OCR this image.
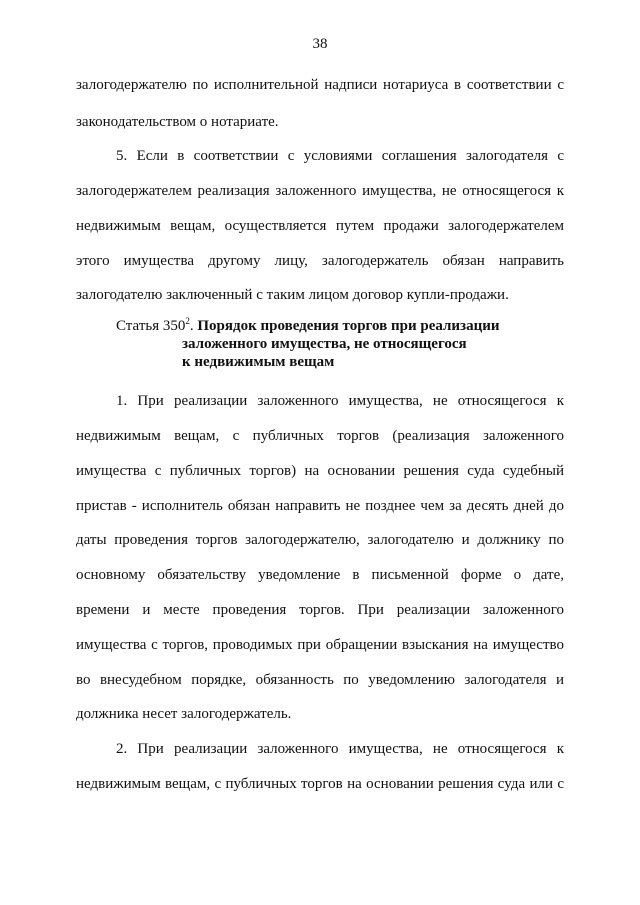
38
залогодержателю по исполнительной надписи нотариуса в соответствии с
законодательством о нотариате.
5. Если в соответствии с условиями соглашения залогодателя с
залогодержателем реализация заложенного имущества, не относящегося к
недвижимым вещам, осуществляется путем продажи залогодержателем
этого имущества другому лицу, залогодержатель обязан направить
залогодателю заключенный с таким лицом договор купли-продажи.
Статья $350^2$. Порядок проведения торгов при реализации
заложенного имущества, не относящегося
к недвижимым вещам
1. При реализации заложенного имущества, не относящегося к
недвижимым вещам, с публичных торгов (реализация заложенного
имущества с публичных торгов) на основании решения суда судебный
пристав - исполнитель обязан направить не позднее чем за десять дней до
даты проведения торгов залогодержателю, залогодателю и должнику по
основному обязательству уведомление в письменной форме о дате,
времени и месте проведения торгов. При реализации заложенного
имущества с торгов, проводимых при обращении взыскания на имущество
во внесудебном порядке, обязанность по уведомлению залогодателя и
должника несет залогодержатель.
2. При реализации заложенного имущества, не относящегося к
недвижимым вещам, с публичных торгов на основании решения суда или с
